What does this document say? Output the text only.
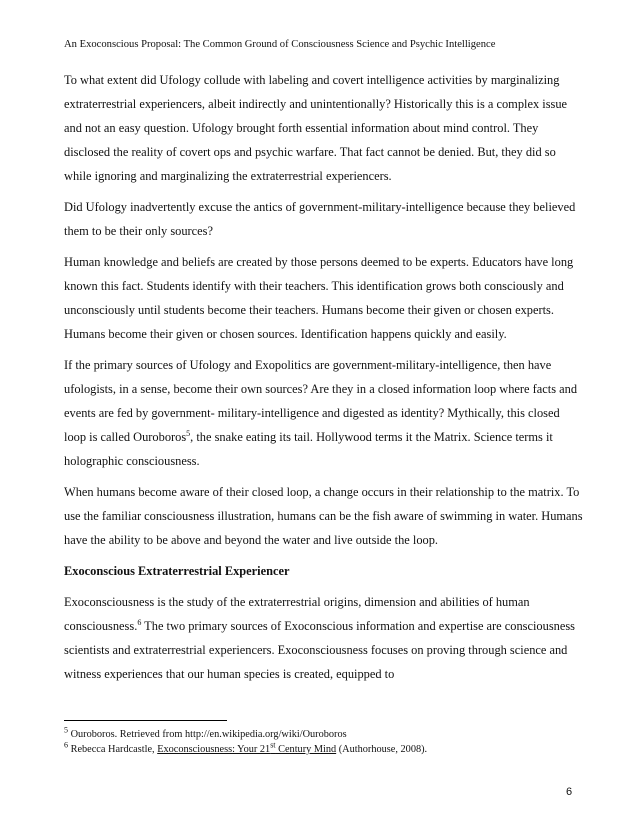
An Exoconscious Proposal: The Common Ground of Consciousness Science and Psychic Intelligence

To what extent did Ufology collude with labeling and covert intelligence activities by marginalizing extraterrestrial experiencers, albeit indirectly and unintentionally? Historically this is a complex issue and not an easy question. Ufology brought forth essential information about mind control. They disclosed the reality of covert ops and psychic warfare. That fact cannot be denied. But, they did so while ignoring and marginalizing the extraterrestrial experiencers.

Did Ufology inadvertently excuse the antics of government-military-intelligence because they believed them to be their only sources?

Human knowledge and beliefs are created by those persons deemed to be experts. Educators have long known this fact. Students identify with their teachers. This identification grows both consciously and unconsciously until students become their teachers. Humans become their given or chosen experts. Humans become their given or chosen sources. Identification happens quickly and easily.

If the primary sources of Ufology and Exopolitics are government-military-intelligence, then have ufologists, in a sense, become their own sources? Are they in a closed information loop where facts and events are fed by government- military-intelligence and digested as identity? Mythically, this closed loop is called Ouroboros$^5$, the snake eating its tail. Hollywood terms it the Matrix. Science terms it holographic consciousness.

When humans become aware of their closed loop, a change occurs in their relationship to the matrix. To use the familiar consciousness illustration, humans can be the fish aware of swimming in water. Humans have the ability to be above and beyond the water and live outside the loop.

Exoconscious Extraterrestrial Experiencer

Exoconsciousness is the study of the extraterrestrial origins, dimension and abilities of human consciousness.$^6$ The two primary sources of Exoconscious information and expertise are consciousness scientists and extraterrestrial experiencers. Exoconsciousness focuses on proving through science and witness experiences that our human species is created, equipped to

$^5$ Ouroboros. Retrieved from http://en.wikipedia.org/wiki/Ouroboros
$^6$ Rebecca Hardcastle, Exoconsciousness: Your 21st Century Mind (Authorhouse, 2008).
6
